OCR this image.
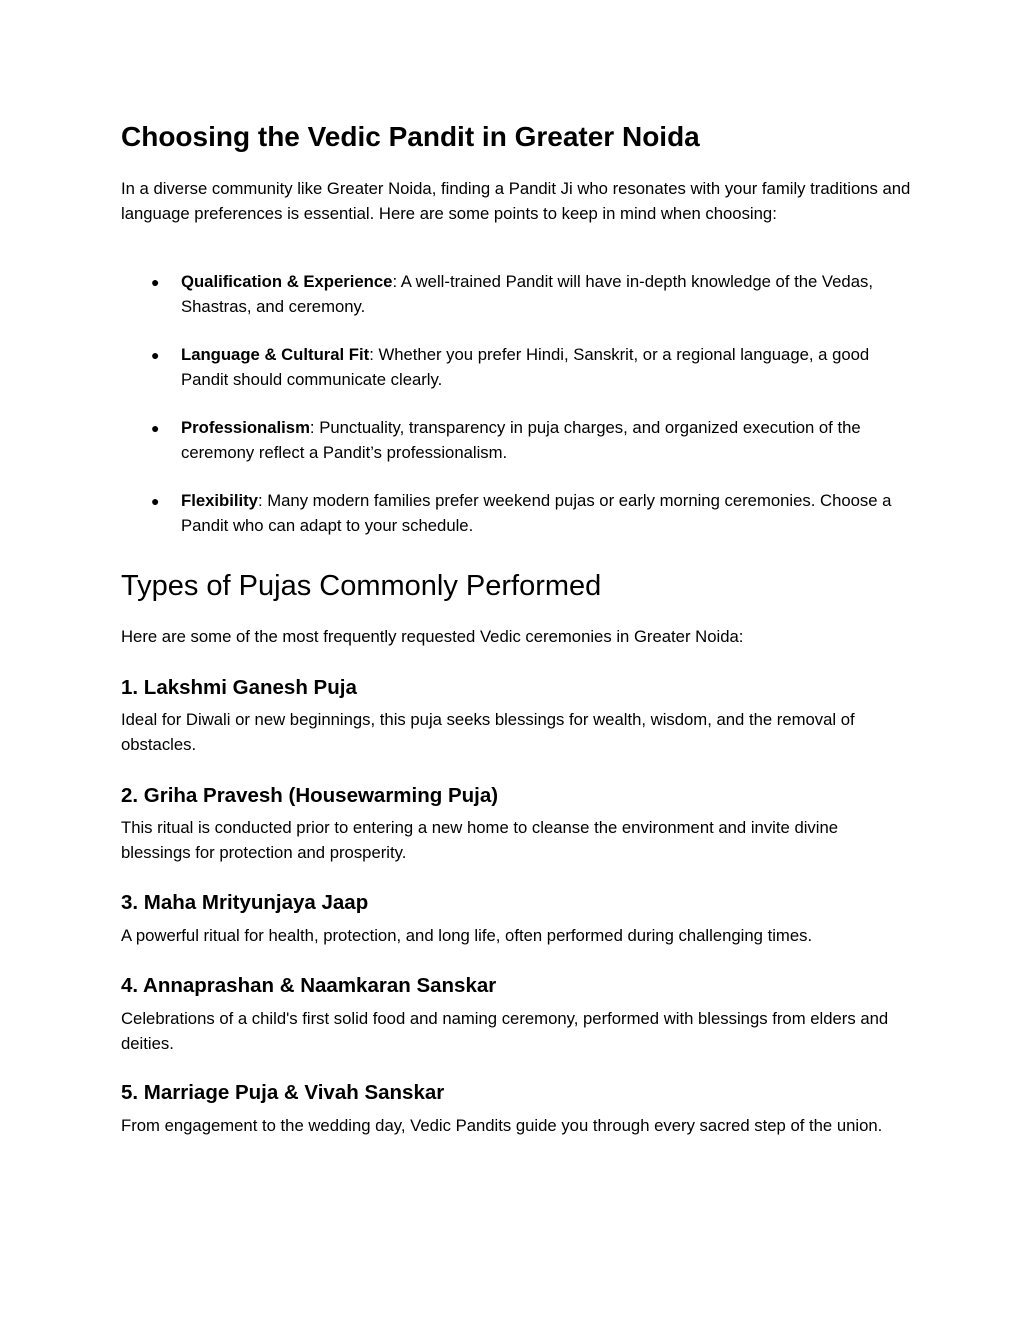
Choosing the Vedic Pandit in Greater Noida

In a diverse community like Greater Noida, finding a Pandit Ji who resonates with your family traditions and language preferences is essential. Here are some points to keep in mind when choosing:

● Qualification & Experience: A well-trained Pandit will have in-depth knowledge of the Vedas, Shastras, and ceremony.
● Language & Cultural Fit: Whether you prefer Hindi, Sanskrit, or a regional language, a good Pandit should communicate clearly.
● Professionalism: Punctuality, transparency in puja charges, and organized execution of the ceremony reflect a Pandit’s professionalism.
● Flexibility: Many modern families prefer weekend pujas or early morning ceremonies. Choose a Pandit who can adapt to your schedule.
Types of Pujas Commonly Performed

Here are some of the most frequently requested Vedic ceremonies in Greater Noida:

1. Lakshmi Ganesh Puja

Ideal for Diwali or new beginnings, this puja seeks blessings for wealth, wisdom, and the removal of obstacles.

2. Griha Pravesh (Housewarming Puja)

This ritual is conducted prior to entering a new home to cleanse the environment and invite divine blessings for protection and prosperity.

3. Maha Mrityunjaya Jaap

A powerful ritual for health, protection, and long life, often performed during challenging times.

4. Annaprashan & Naamkaran Sanskar

Celebrations of a child's first solid food and naming ceremony, performed with blessings from elders and deities.

5. Marriage Puja & Vivah Sanskar

From engagement to the wedding day, Vedic Pandits guide you through every sacred step of the union.
